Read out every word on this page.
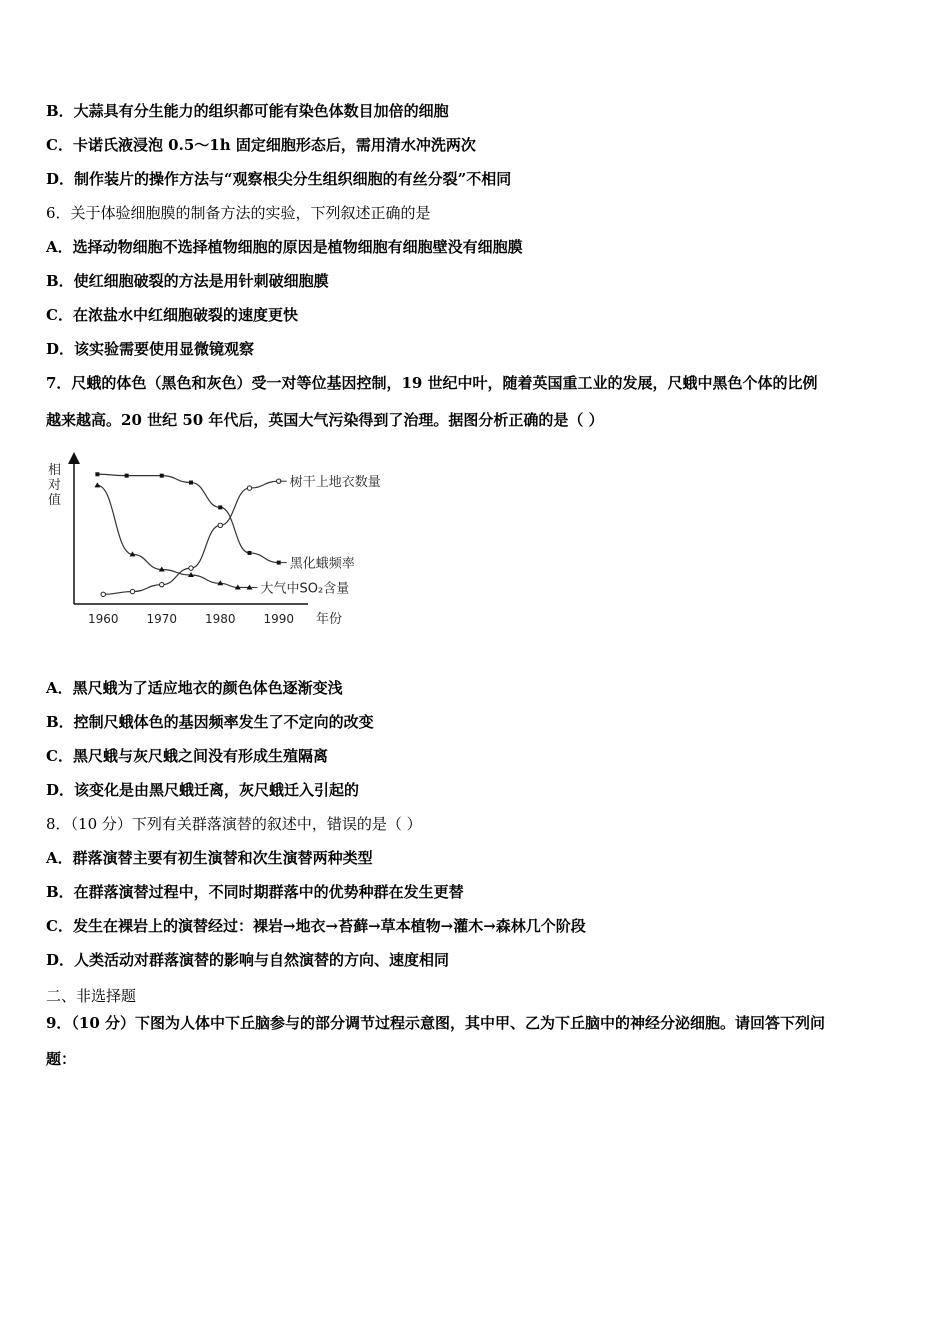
B．大蒜具有分生能力的组织都可能有染色体数目加倍的细胞
C．卡诺氏液浸泡 0.5～1h 固定细胞形态后，需用清水冲洗两次
D．制作装片的操作方法与“观察根尖分生组织细胞的有丝分裂”不相同
6．关于体验细胞膜的制备方法的实验，下列叙述正确的是
A．选择动物细胞不选择植物细胞的原因是植物细胞有细胞壁没有细胞膜
B．使红细胞破裂的方法是用针刺破细胞膜
C．在浓盐水中红细胞破裂的速度更快
D．该实验需要使用显微镜观察
7．尺蛾的体色（黑色和灰色）受一对等位基因控制，19 世纪中叶，随着英国重工业的发展，尺蛾中黑色个体的比例
越来越高。20 世纪 50 年代后，英国大气污染得到了治理。据图分析正确的是（ ）
相
对
值
年份
1960 1970 1980 1990
树干上地衣数量
黑化蛾频率
大气中SO₂含量
A．黑尺蛾为了适应地衣的颜色体色逐渐变浅
B．控制尺蛾体色的基因频率发生了不定向的改变
C．黑尺蛾与灰尺蛾之间没有形成生殖隔离
D．该变化是由黑尺蛾迁离，灰尺蛾迁入引起的
8．（10 分）下列有关群落演替的叙述中，错误的是（ ）
A．群落演替主要有初生演替和次生演替两种类型
B．在群落演替过程中，不同时期群落中的优势种群在发生更替
C．发生在裸岩上的演替经过：裸岩→地衣→苔藓→草本植物→灌木→森林几个阶段
D．人类活动对群落演替的影响与自然演替的方向、速度相同
二、非选择题
9．（10 分）下图为人体中下丘脑参与的部分调节过程示意图，其中甲、乙为下丘脑中的神经分泌细胞。请回答下列问
题：
